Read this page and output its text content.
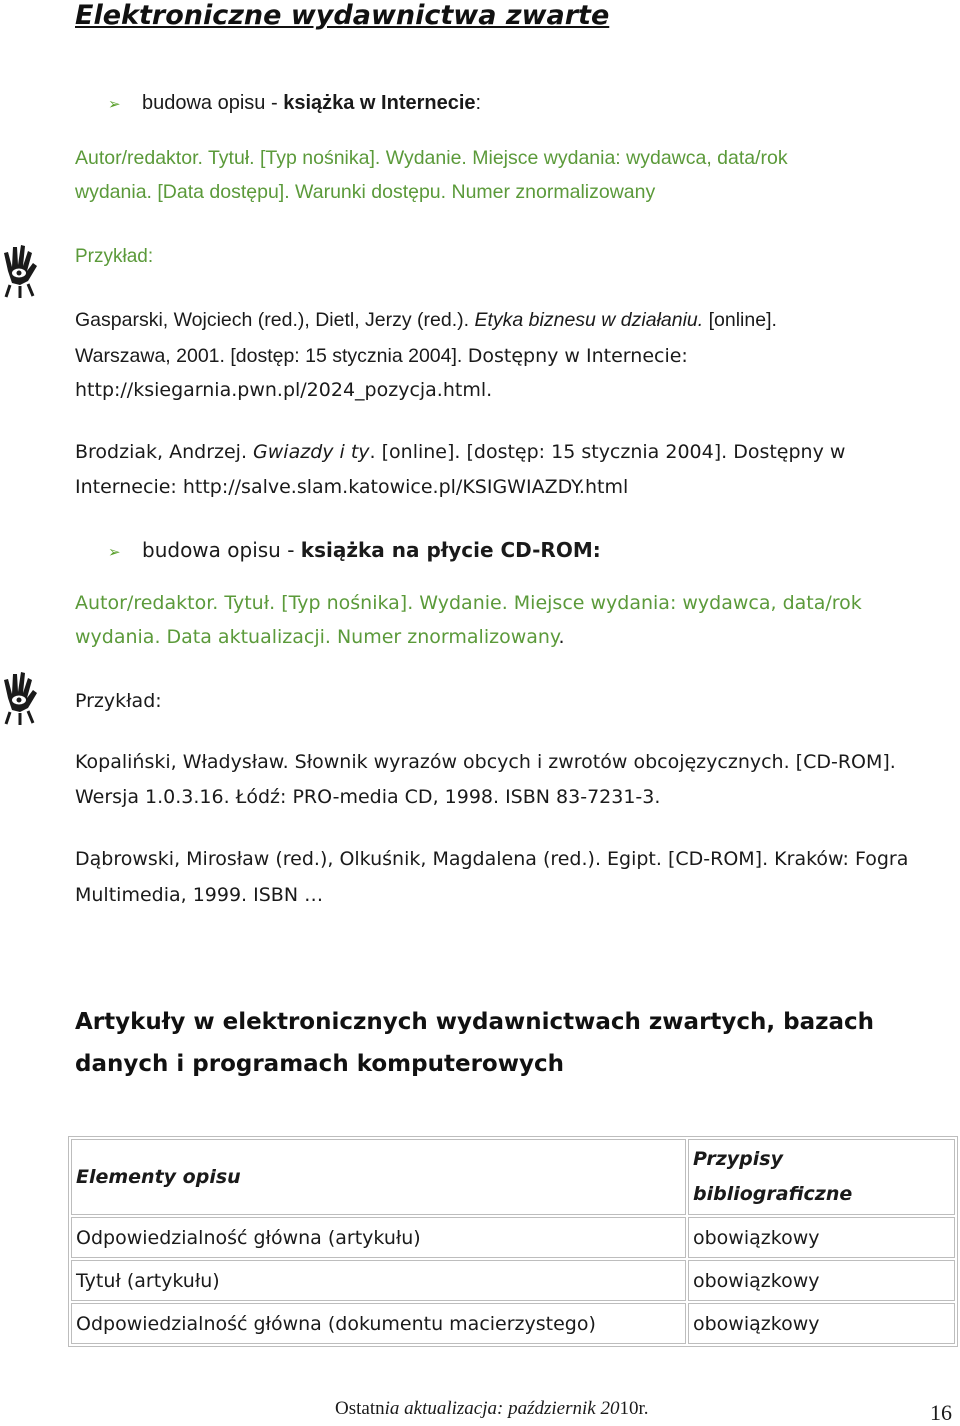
Elektroniczne wydawnictwa zwarte
➢ budowa opisu - książka w Internecie:
Autor/redaktor. Tytuł. [Typ nośnika]. Wydanie. Miejsce wydania: wydawca, data/rok
wydania. [Data dostępu]. Warunki dostępu. Numer znormalizowany
Przykład:
Gasparski, Wojciech (red.), Dietl, Jerzy (red.). Etyka biznesu w działaniu. [online].
Warszawa, 2001. [dostęp: 15 stycznia 2004]. Dostępny w Internecie:
http://ksiegarnia.pwn.pl/2024_pozycja.html.
Brodziak, Andrzej. Gwiazdy i ty. [online]. [dostęp: 15 stycznia 2004]. Dostępny w
Internecie: http://salve.slam.katowice.pl/KSIGWIAZDY.html
➢ budowa opisu - książka na płycie CD-ROM:
Autor/redaktor. Tytuł. [Typ nośnika]. Wydanie. Miejsce wydania: wydawca, data/rok
wydania. Data aktualizacji. Numer znormalizowany.
Przykład:
Kopaliński, Władysław. Słownik wyrazów obcych i zwrotów obcojęzycznych. [CD-ROM].
Wersja 1.0.3.16. Łódź: PRO-media CD, 1998. ISBN 83-7231-3.
Dąbrowski, Mirosław (red.), Olkuśnik, Magdalena (red.). Egipt. [CD-ROM]. Kraków: Fogra
Multimedia, 1999. ISBN …
Artykuły w elektronicznych wydawnictwach zwartych, bazach
danych i programach komputerowych
Elementy opisu	Przypisy
bibliograficzne
Odpowiedzialność główna (artykułu)	obowiązkowy
Tytuł (artykułu)	obowiązkowy
Odpowiedzialność główna (dokumentu macierzystego)	obowiązkowy
Ostatnia aktualizacja: październik 2010r.	16
